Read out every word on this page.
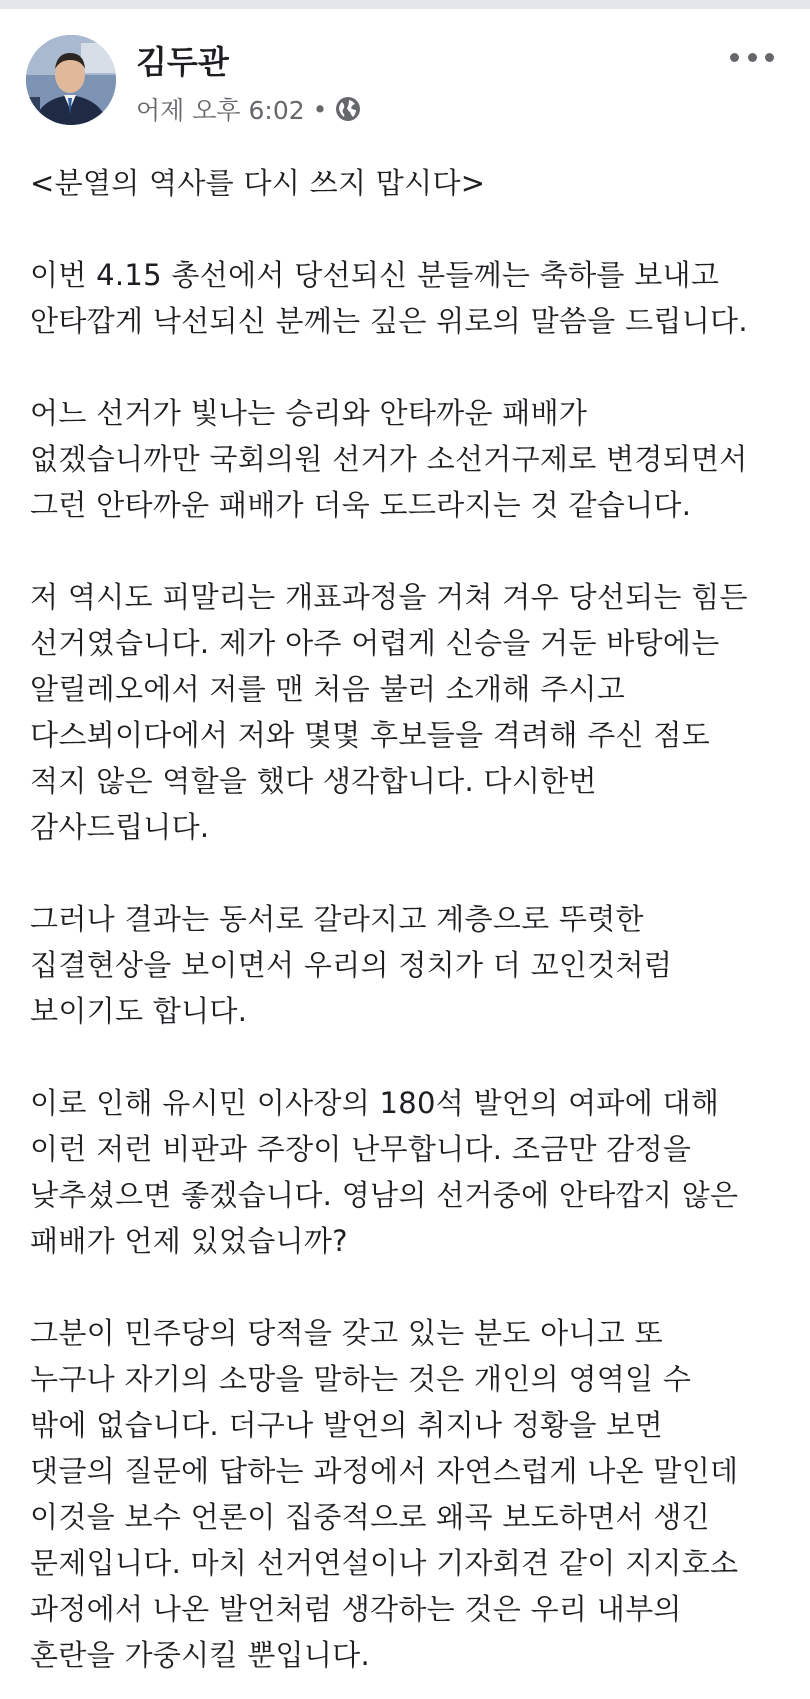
김두관
어제 오후 6:02 •

<분열의 역사를 다시 쓰지 맙시다>

이번 4.15 총선에서 당선되신 분들께는 축하를 보내고
안타깝게 낙선되신 분께는 깊은 위로의 말씀을 드립니다.

어느 선거가 빛나는 승리와 안타까운 패배가
없겠습니까만 국회의원 선거가 소선거구제로 변경되면서
그런 안타까운 패배가 더욱 도드라지는 것 같습니다.

저 역시도 피말리는 개표과정을 거쳐 겨우 당선되는 힘든
선거였습니다. 제가 아주 어렵게 신승을 거둔 바탕에는
알릴레오에서 저를 맨 처음 불러 소개해 주시고
다스뵈이다에서 저와 몇몇 후보들을 격려해 주신 점도
적지 않은 역할을 했다 생각합니다. 다시한번
감사드립니다.

그러나 결과는 동서로 갈라지고 계층으로 뚜렷한
집결현상을 보이면서 우리의 정치가 더 꼬인것처럼
보이기도 합니다.

이로 인해 유시민 이사장의 180석 발언의 여파에 대해
이런 저런 비판과 주장이 난무합니다. 조금만 감정을
낮추셨으면 좋겠습니다. 영남의 선거중에 안타깝지 않은
패배가 언제 있었습니까?

그분이 민주당의 당적을 갖고 있는 분도 아니고 또
누구나 자기의 소망을 말하는 것은 개인의 영역일 수
밖에 없습니다. 더구나 발언의 취지나 정황을 보면
댓글의 질문에 답하는 과정에서 자연스럽게 나온 말인데
이것을 보수 언론이 집중적으로 왜곡 보도하면서 생긴
문제입니다. 마치 선거연설이나 기자회견 같이 지지호소
과정에서 나온 발언처럼 생각하는 것은 우리 내부의
혼란을 가중시킬 뿐입니다.
